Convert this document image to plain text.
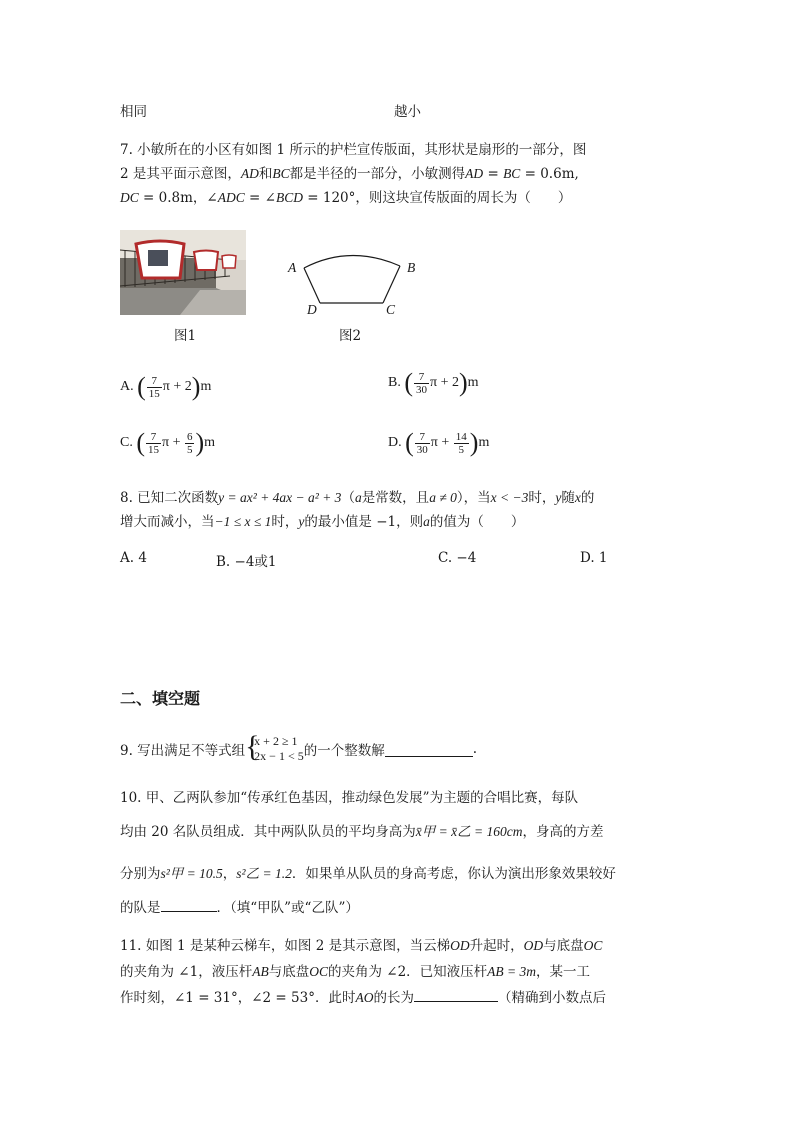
相同	越小
7. 小敏所在的小区有如图 1 所示的护栏宣传版面，其形状是扇形的一部分，图
2 是其平面示意图，AD和BC都是半径的一部分，小敏测得AD = BC = 0.6m,
DC = 0.8m，∠ADC = ∠BCD = 120°，则这块宣传版面的周长为（　　）
图1
A	B
D	C
图2
A. ( $\frac{7}{15}$ π + 2)m	B. ( $\frac{7}{30}$ π + 2)m
C. ( $\frac{7}{15}$ $\pi + \frac{6}{5} )m$	D. ( $\frac{7}{30}$ $\pi + \frac{14}{5} )m$
8. 已知二次函数y = ax² + 4ax − a² + 3（a是常数，且a ≠ 0），当x < −3时，y随x的
增大而减小，当−1 ≤ x ≤ 1时，y的最小值是 −1，则a的值为（　　）
A. 4	B. −4或1	C. −4	D. 1
二、填空题
9. 写出满足不等式组 {
x + 2 ≥ 1
2x − 1 < 5 的一个整数解	.
10. 甲、乙两队参加“传承红色基因，推动绿色发展”为主题的合唱比赛，每队
均由 20 名队员组成．其中两队队员的平均身高为x̄甲 = x̄乙 = 160cm，身高的方差
分别为s²甲 = 10.5，s²乙 = 1.2．如果单从队员的身高考虑，你认为演出形象效果较好
的队是	．（填“甲队”或“乙队”）
11. 如图 1 是某种云梯车，如图 2 是其示意图，当云梯OD升起时，OD与底盘OC
的夹角为 ∠1，液压杆AB与底盘OC的夹角为 ∠2．已知液压杆AB = 3m，某一工
作时刻，∠1 = 31°，∠2 = 53°．此时AO的长为	（精确到小数点后
